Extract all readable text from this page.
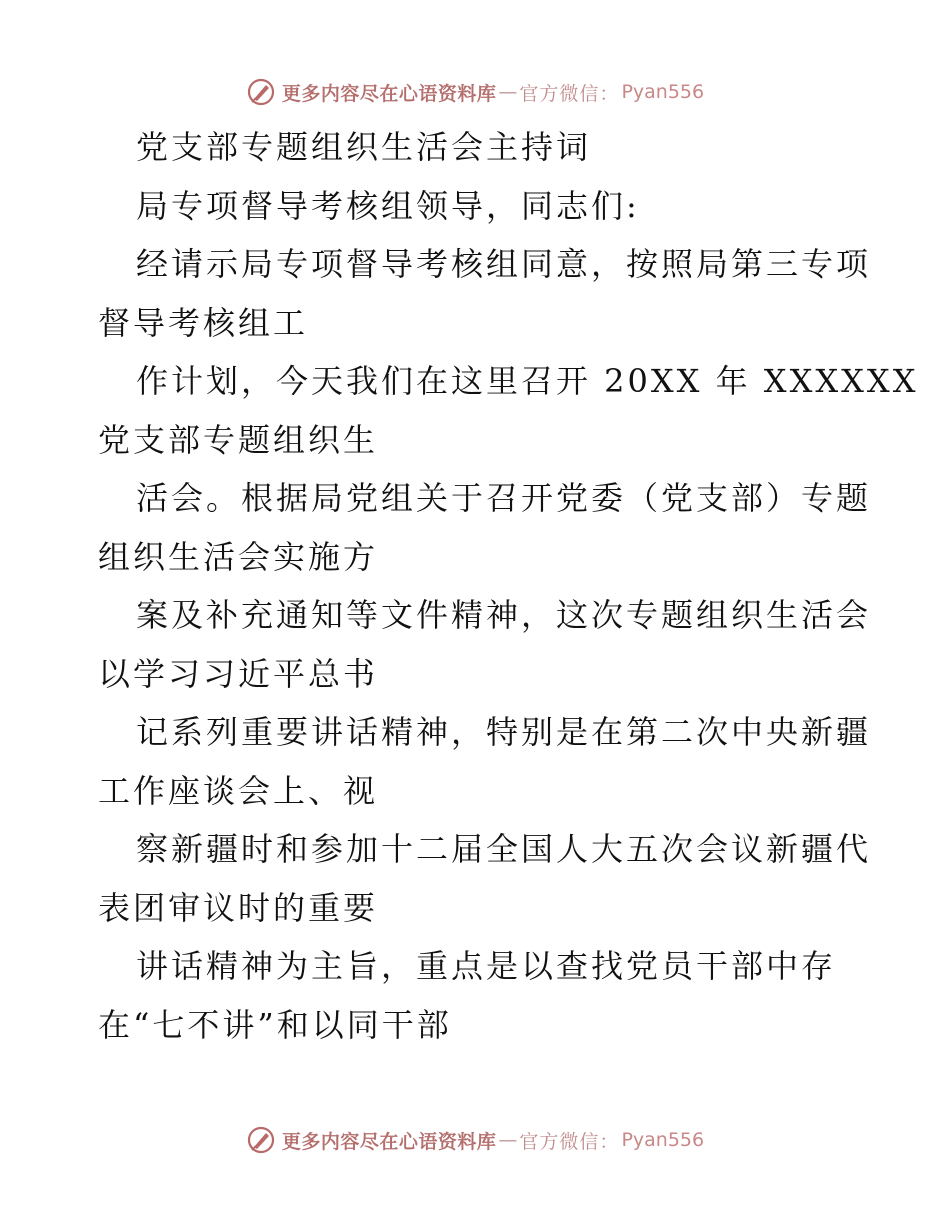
更多内容尽在心语资料库 — 官方微信： Pyan556
党支部专题组织生活会主持词
局专项督导考核组领导，同志们:
经请示局专项督导考核组同意，按照局第三专项
督导考核组工
作计划，今天我们在这里召开 20XX 年 XXXXXX
党支部专题组织生
活会。根据局党组关于召开党委（党支部）专题
组织生活会实施方
案及补充通知等文件精神，这次专题组织生活会
以学习习近平总书
记系列重要讲话精神，特别是在第二次中央新疆
工作座谈会上、视
察新疆时和参加十二届全国人大五次会议新疆代
表团审议时的重要
讲话精神为主旨，重点是以查找党员干部中存
在“七不讲”和以同干部
更多内容尽在心语资料库 — 官方微信： Pyan556
